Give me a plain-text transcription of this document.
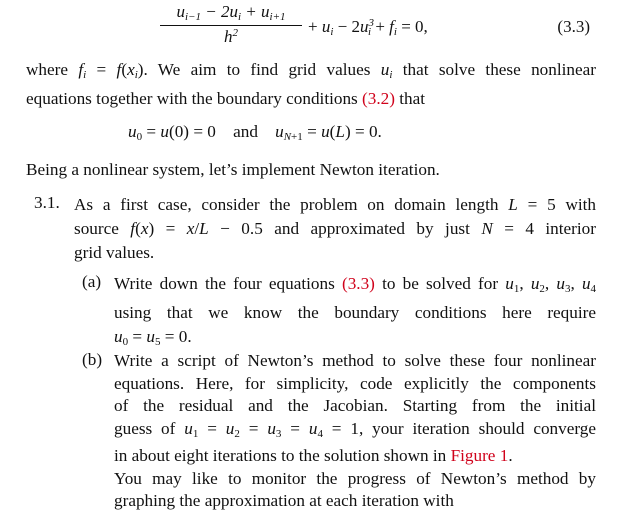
$u_{i-1} - 2u_i + u_{i+1}$
$h^2$	+ $u_i - 2u^3_i + f_i = 0$,	(3.3)
where $f_i = f(x_i)$. We aim to find grid values $u_i$ that solve these nonlinear
equations together with the boundary conditions (3.2) that
$u_0 = u(0) = 0$    and $u_{N+1} = u(L) = 0$.
Being a nonlinear system, let’s implement Newton iteration.
3.1. As a first case, consider the problem on domain length L = 5 with
source f(x) = x/L − 0.5 and approximated by just N = 4 interior
grid values.
(a) Write down the four equations (3.3) to be solved for $u_1$, $u_2$, $u_3$, $u_4$
using that we know the boundary conditions here require
$u_0 = u_5 = 0$.
(b) Write a script of Newton’s method to solve these four nonlinear
equations. Here, for simplicity, code explicitly the components
of the residual and the Jacobian. Starting from the initial
guess of $u_1 = u_2 = u_3 = u_4 = 1$, your iteration should converge
in about eight iterations to the solution shown in Figure 1.
You may like to monitor the progress of Newton’s method by
graphing the approximation at each iteration with
